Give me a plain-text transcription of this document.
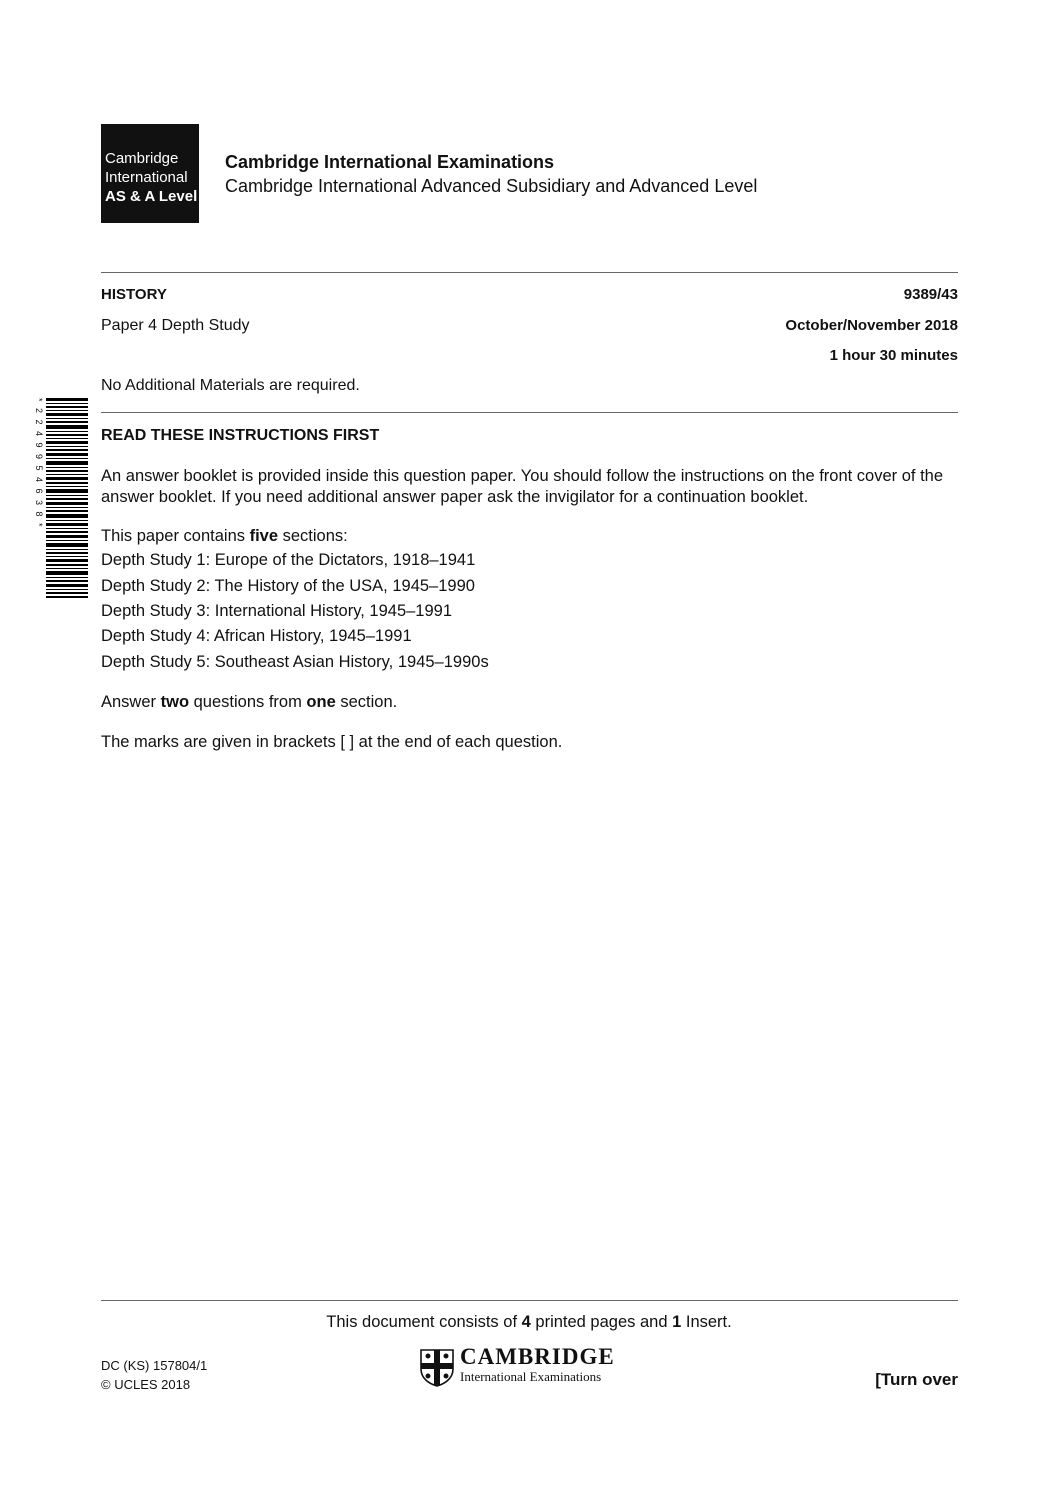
Cambridge
International
AS & A Level
Cambridge International Examinations
Cambridge International Advanced Subsidiary and Advanced Level
HISTORY	9389/43
Paper 4 Depth Study	October/November 2018
1 hour 30 minutes
No Additional Materials are required.
* 2 2 4 9 9 5 4 6 3 8 *	READ THESE INSTRUCTIONS FIRST
An answer booklet is provided inside this question paper. You should follow the instructions on the front cover of the answer booklet. If you need additional answer paper ask the invigilator for a continuation booklet.
This paper contains five sections:
Depth Study 1: Europe of the Dictators, 1918–1941
Depth Study 2: The History of the USA, 1945–1990
Depth Study 3: International History, 1945–1991
Depth Study 4: African History, 1945–1991
Depth Study 5: Southeast Asian History, 1945–1990s
Answer two questions from one section.
The marks are given in brackets [ ] at the end of each question.
This document consists of 4 printed pages and 1 Insert.
DC (KS) 157804/1
© UCLES 2018
CAMBRIDGE
International Examinations	[Turn over
